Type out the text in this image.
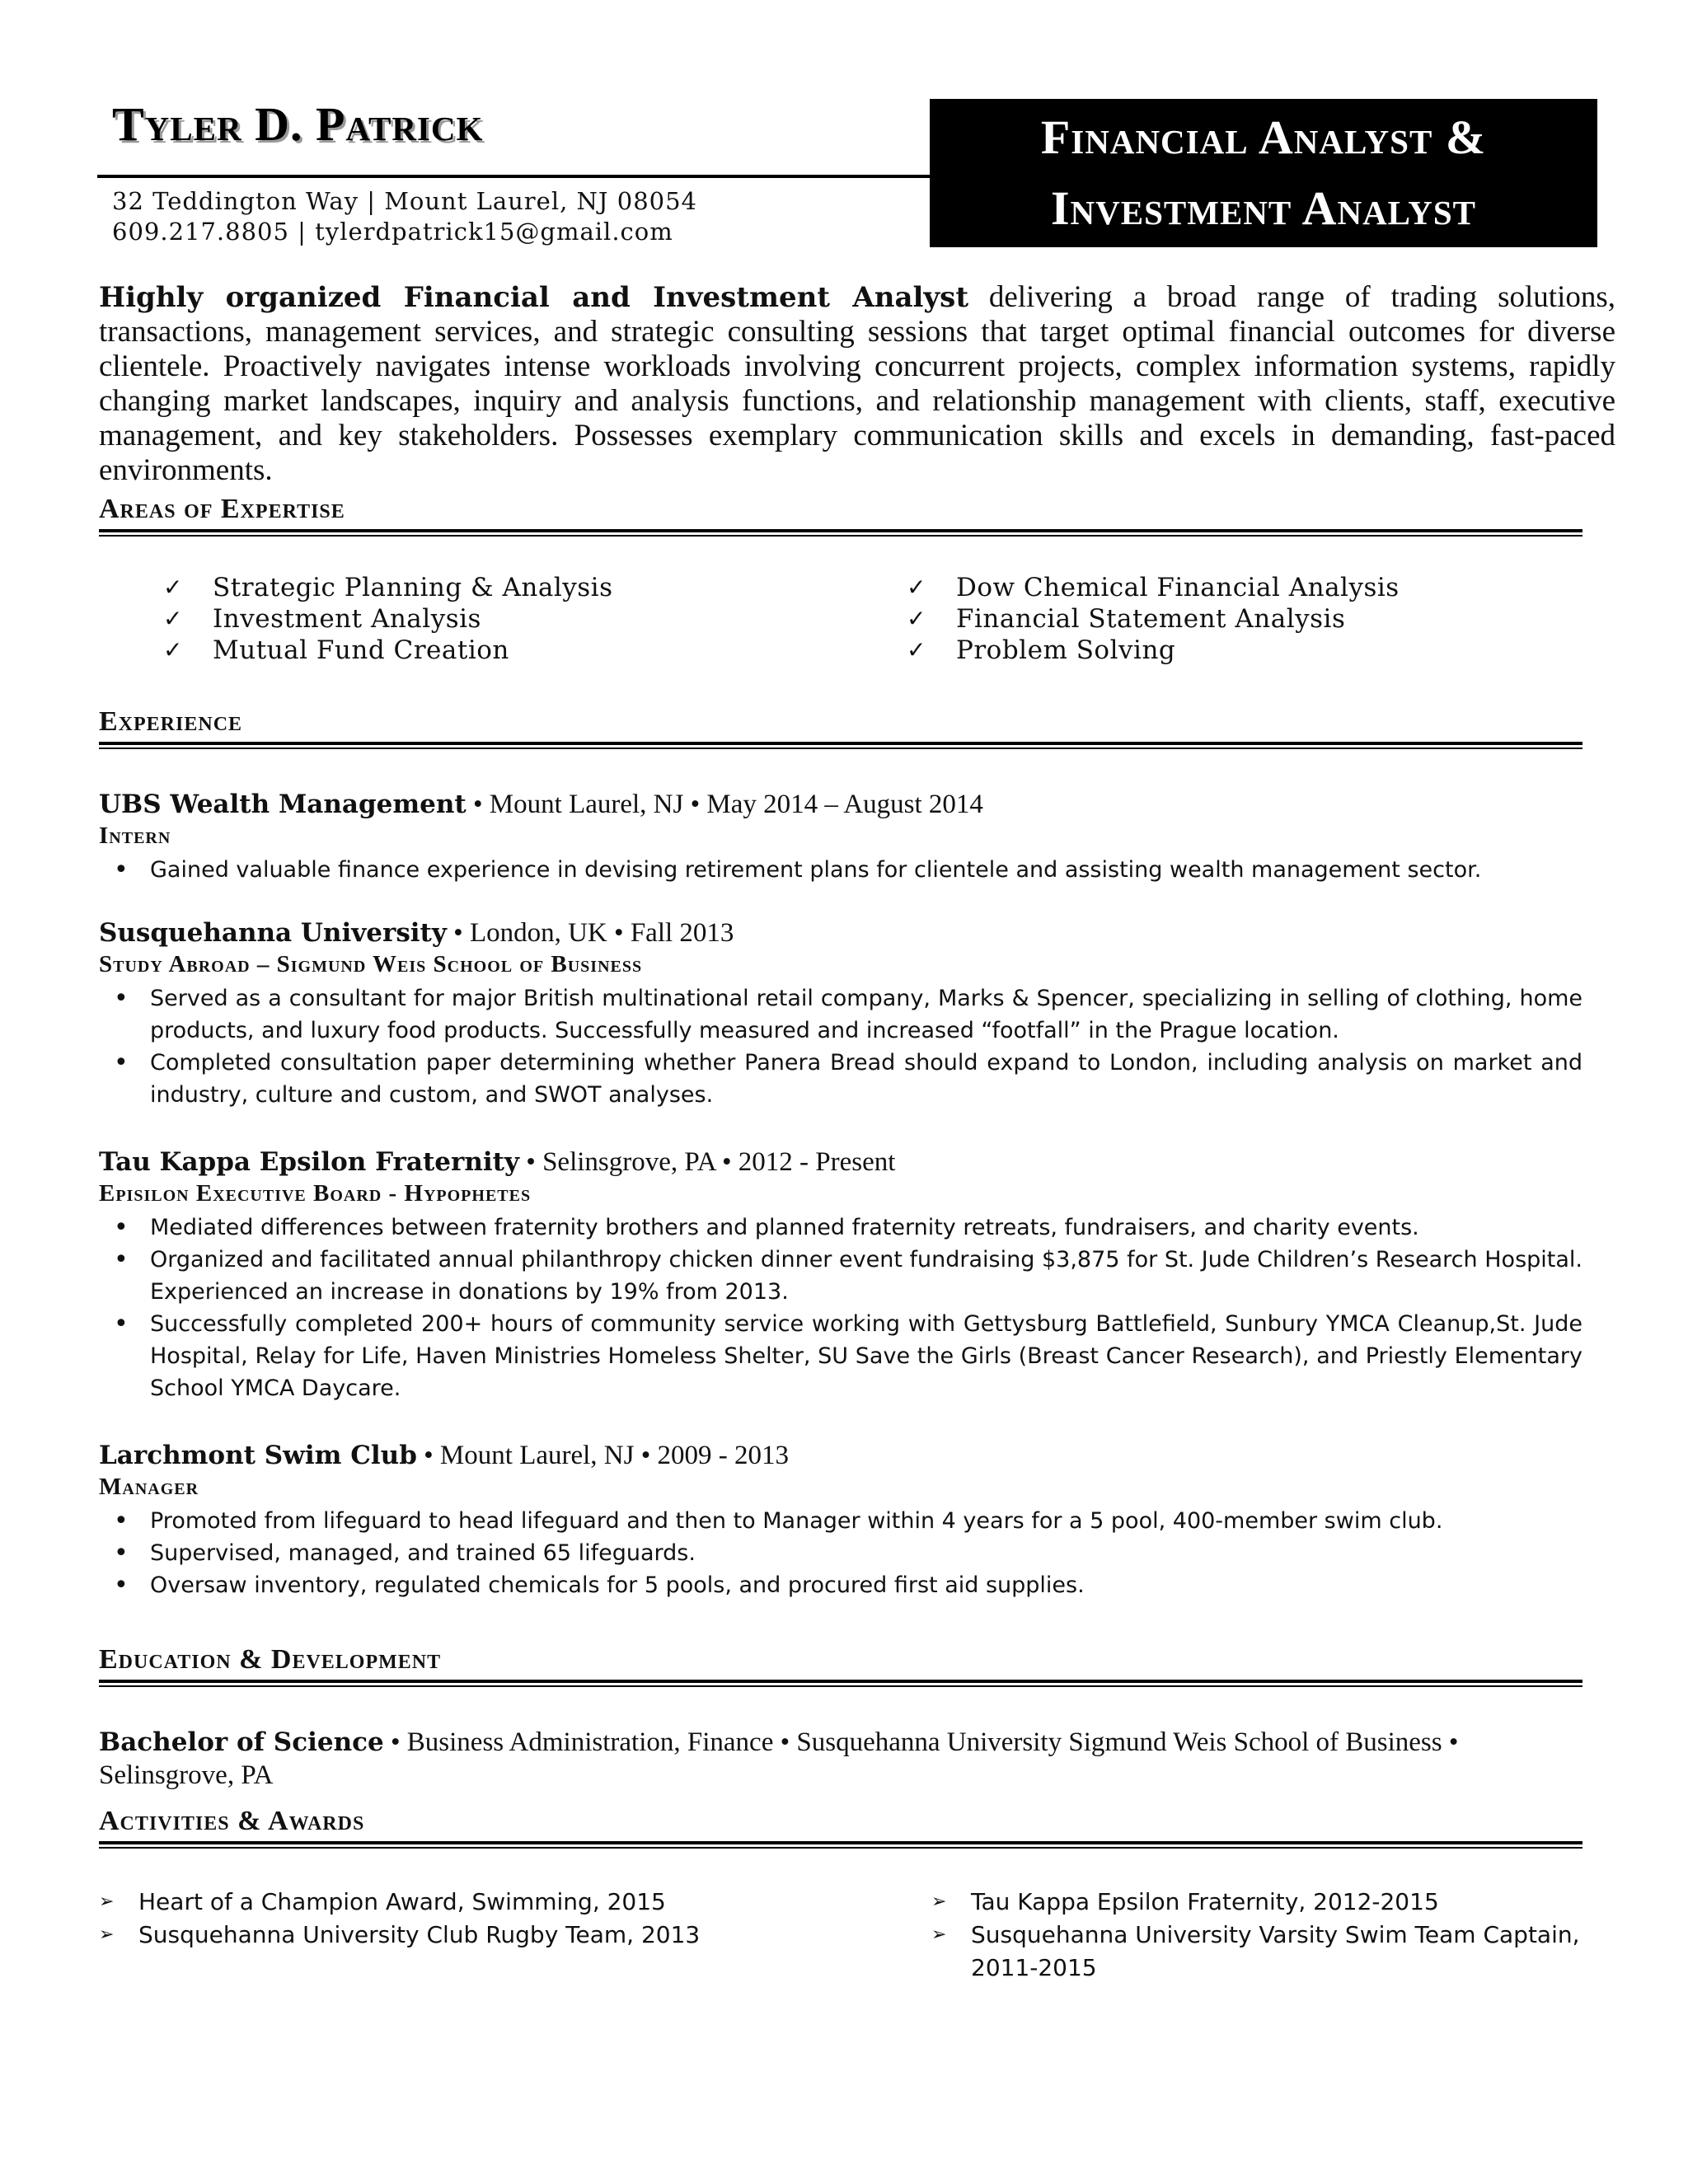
Tyler D. Patrick
32 Teddington Way | Mount Laurel, NJ 08054
609.217.8805 | tylerdpatrick15@gmail.com
Financial Analyst &
Investment Analyst

Highly organized Financial and Investment Analyst delivering a broad range of trading solutions, transactions, management services, and strategic consulting sessions that target optimal financial outcomes for diverse clientele. Proactively navigates intense workloads involving concurrent projects, complex information systems, rapidly changing market landscapes, inquiry and analysis functions, and relationship management with clients, staff, executive management, and key stakeholders. Possesses exemplary communication skills and excels in demanding, fast-paced environments.

Areas of Expertise
✓ Strategic Planning & Analysis
✓ Investment Analysis
✓ Mutual Fund Creation
✓ Dow Chemical Financial Analysis
✓ Financial Statement Analysis
✓ Problem Solving
Experience
UBS Wealth Management • Mount Laurel, NJ • May 2014 – August 2014
Intern
• Gained valuable finance experience in devising retirement plans for clientele and assisting wealth management sector.
Susquehanna University • London, UK • Fall 2013
Study Abroad – Sigmund Weis School of Business
• Served as a consultant for major British multinational retail company, Marks & Spencer, specializing in selling of clothing, home products, and luxury food products. Successfully measured and increased “footfall” in the Prague location.
• Completed consultation paper determining whether Panera Bread should expand to London, including analysis on market and industry, culture and custom, and SWOT analyses.
Tau Kappa Epsilon Fraternity • Selinsgrove, PA • 2012 - Present
Episilon Executive Board - Hypophetes
• Mediated differences between fraternity brothers and planned fraternity retreats, fundraisers, and charity events.
• Organized and facilitated annual philanthropy chicken dinner event fundraising $3,875 for St. Jude Children’s Research Hospital. Experienced an increase in donations by 19% from 2013.
• Successfully completed 200+ hours of community service working with Gettysburg Battlefield, Sunbury YMCA Cleanup,St. Jude Hospital, Relay for Life, Haven Ministries Homeless Shelter, SU Save the Girls (Breast Cancer Research), and Priestly Elementary School YMCA Daycare.
Larchmont Swim Club • Mount Laurel, NJ • 2009 - 2013
Manager
• Promoted from lifeguard to head lifeguard and then to Manager within 4 years for a 5 pool, 400-member swim club.
• Supervised, managed, and trained 65 lifeguards.
• Oversaw inventory, regulated chemicals for 5 pools, and procured first aid supplies.
Education & Development
Bachelor of Science • Business Administration, Finance • Susquehanna University Sigmund Weis School of Business • Selinsgrove, PA
Activities & Awards
➢ Heart of a Champion Award, Swimming, 2015
➢ Susquehanna University Club Rugby Team, 2013
➢ Tau Kappa Epsilon Fraternity, 2012-2015
➢ Susquehanna University Varsity Swim Team Captain, 2011-2015
